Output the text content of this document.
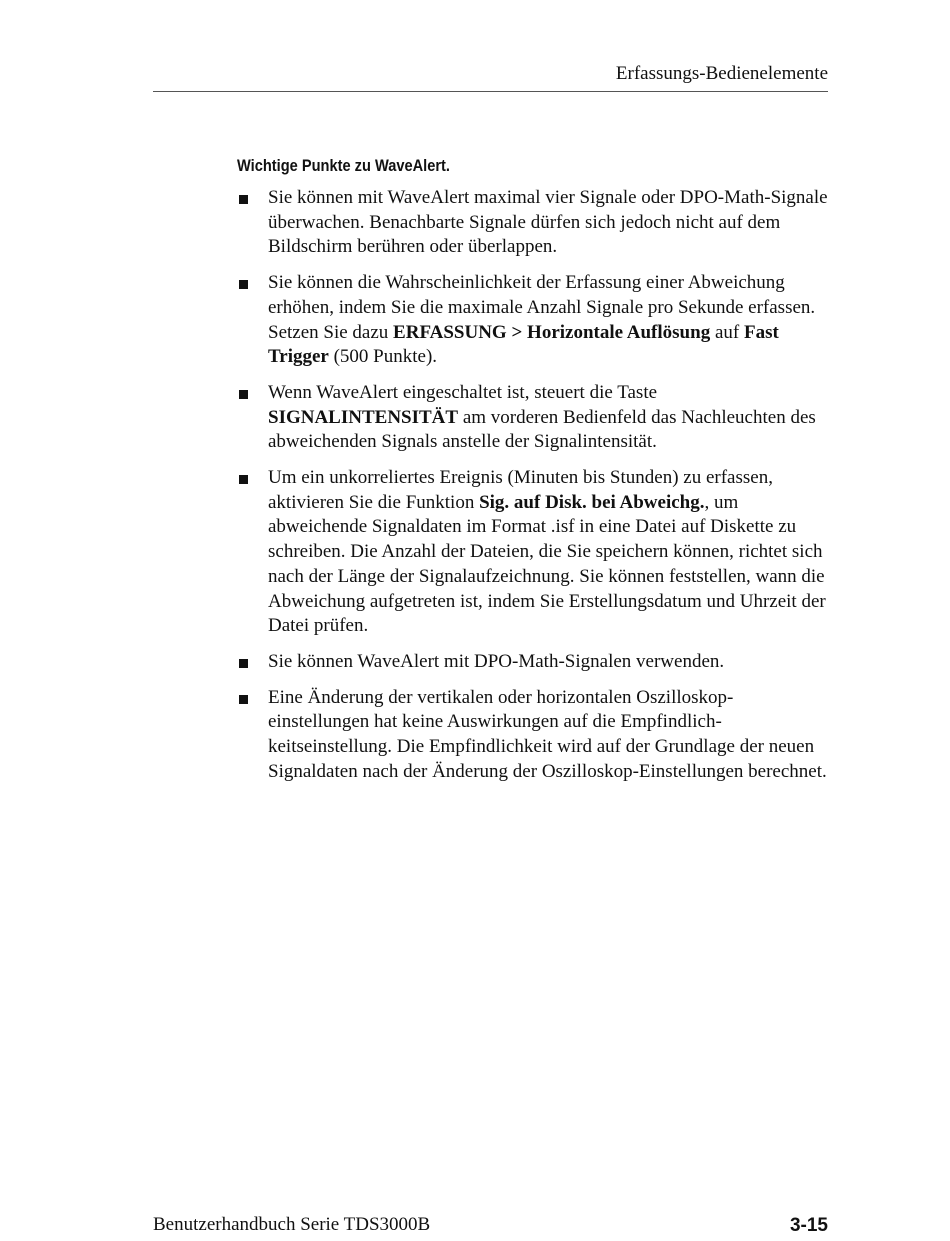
Erfassungs-Bedienelemente
Wichtige Punkte zu WaveAlert.
Sie können mit WaveAlert maximal vier Signale oder DPO-Math-Signale überwachen. Benachbarte Signale dürfen sich jedoch nicht auf dem Bildschirm berühren oder überlappen.
Sie können die Wahrscheinlichkeit der Erfassung einer Abweichung erhöhen, indem Sie die maximale Anzahl Signale pro Sekunde erfassen. Setzen Sie dazu ERFASSUNG > Horizontale Auflösung auf Fast Trigger (500 Punkte).
Wenn WaveAlert eingeschaltet ist, steuert die Taste SIGNALINTENSITÄT am vorderen Bedienfeld das Nachleuchten des abweichenden Signals anstelle der Signalintensität.
Um ein unkorreliertes Ereignis (Minuten bis Stunden) zu erfassen, aktivieren Sie die Funktion Sig. auf Disk. bei Abweichg., um abweichende Signaldaten im Format .isf in eine Datei auf Diskette zu schreiben. Die Anzahl der Dateien, die Sie speichern können, richtet sich nach der Länge der Signalaufzeichnung. Sie können feststellen, wann die Abweichung aufgetreten ist, indem Sie Erstellungsdatum und Uhrzeit der Datei prüfen.
Sie können WaveAlert mit DPO-Math-Signalen verwenden.
Eine Änderung der vertikalen oder horizontalen Oszilloskop-einstellungen hat keine Auswirkungen auf die Empfindlich-keitseinstellung. Die Empfindlichkeit wird auf der Grundlage der neuen Signaldaten nach der Änderung der Oszilloskop-Einstellungen berechnet.
Benutzerhandbuch Serie TDS3000B	3-15
